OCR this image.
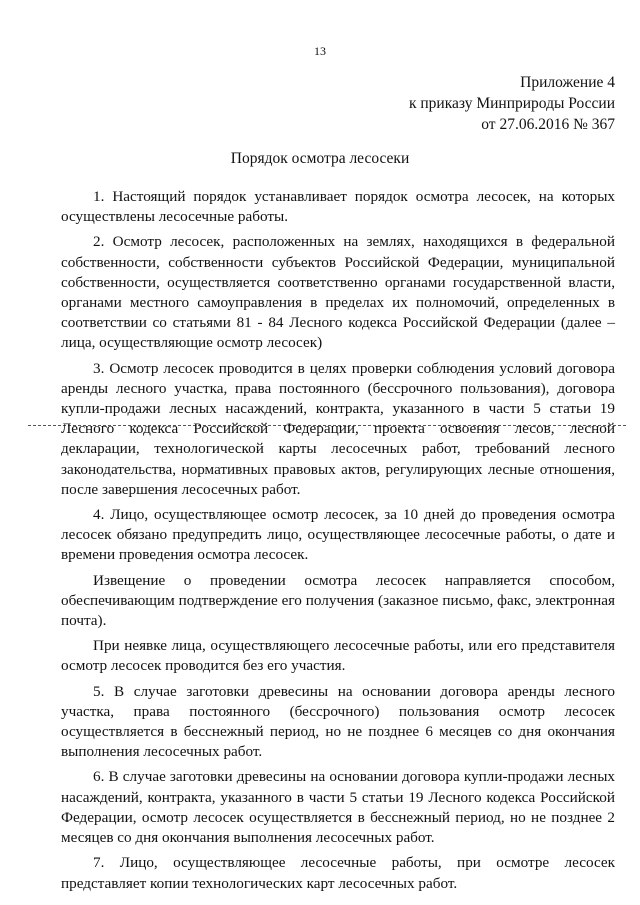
13
Приложение 4
к приказу Минприроды России
от 27.06.2016 № 367
Порядок осмотра лесосеки

1. Настоящий порядок устанавливает порядок осмотра лесосек, на которых осуществлены лесосечные работы.

2. Осмотр лесосек, расположенных на землях, находящихся в федеральной собственности, собственности субъектов Российской Федерации, муниципальной собственности, осуществляется соответственно органами государственной власти, органами местного самоуправления в пределах их полномочий, определенных в соответствии со статьями 81 - 84 Лесного кодекса Российской Федерации (далее – лица, осуществляющие осмотр лесосек)

3. Осмотр лесосек проводится в целях проверки соблюдения условий договора аренды лесного участка, права постоянного (бессрочного пользования), договора купли-продажи лесных насаждений, контракта, указанного в части 5 статьи 19 Лесного кодекса Российской Федерации, проекта освоения лесов, лесной декларации, технологической карты лесосечных работ, требований лесного законодательства, нормативных правовых актов, регулирующих лесные отношения, после завершения лесосечных работ.

4. Лицо, осуществляющее осмотр лесосек, за 10 дней до проведения осмотра лесосек обязано предупредить лицо, осуществляющее лесосечные работы, о дате и времени проведения осмотра лесосек.

Извещение о проведении осмотра лесосек направляется способом, обеспечивающим подтверждение его получения (заказное письмо, факс, электронная почта).

При неявке лица, осуществляющего лесосечные работы, или его представителя осмотр лесосек проводится без его участия.

5. В случае заготовки древесины на основании договора аренды лесного участка, права постоянного (бессрочного) пользования осмотр лесосек осуществляется в бесснежный период, но не позднее 6 месяцев со дня окончания выполнения лесосечных работ.

6. В случае заготовки древесины на основании договора купли-продажи лесных насаждений, контракта, указанного в части 5 статьи 19 Лесного кодекса Российской Федерации, осмотр лесосек осуществляется в бесснежный период, но не позднее 2 месяцев со дня окончания выполнения лесосечных работ.

7. Лицо, осуществляющее лесосечные работы, при осмотре лесосек представляет копии технологических карт лесосечных работ.
